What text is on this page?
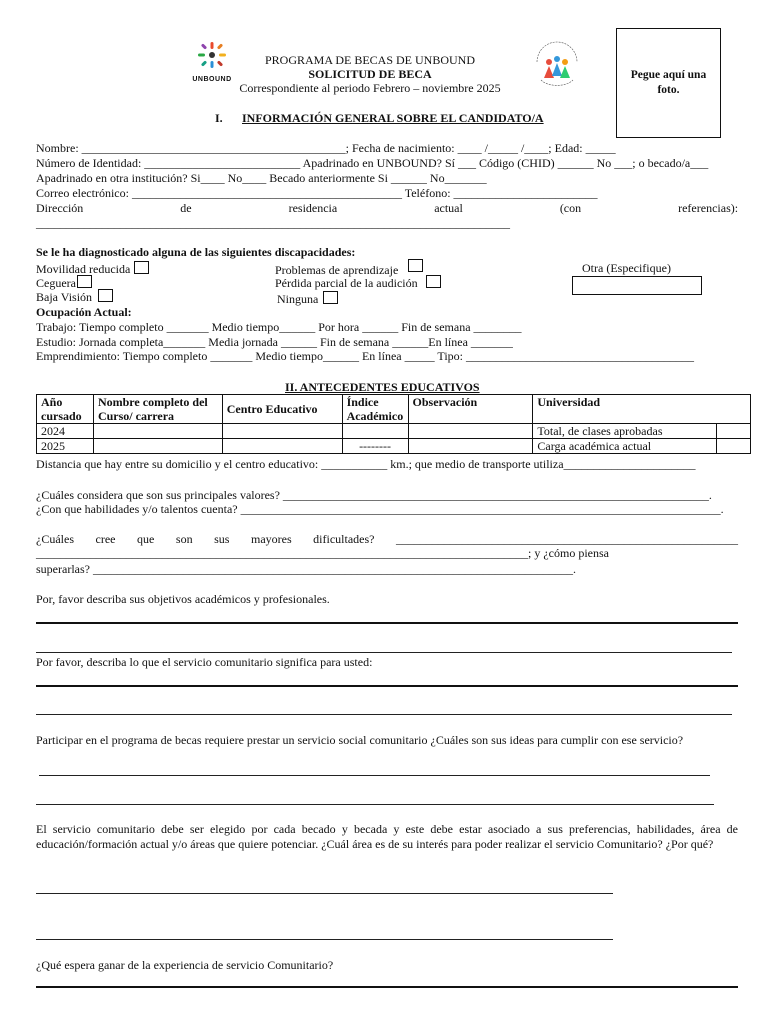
UNBOUND
PROGRAMA DE BECAS DE UNBOUND
SOLICITUD DE BECA
Correspondiente al periodo Febrero – noviembre 2025
Pegue aquí una foto.
I. INFORMACIÓN GENERAL SOBRE EL CANDIDATO/A
Nombre: ____________________________________________; Fecha de nacimiento: ____ /_____ /____; Edad: _____
Número de Identidad: __________________________ Apadrinado en UNBOUND? Sí ___ Código (CHID) ______ No ___; o becado/a___
Apadrinado en otra institución? Si____ No____ Becado anteriormente Si ______ No_______
Correo electrónico: _____________________________________________ Teléfono: ________________________
Dirección	de	residencia	actual	(con	referencias):
_______________________________________________________________________________
Se le ha diagnosticado alguna de las siguientes discapacidades:
Movilidad reducida
Ceguera
Baja Visión
Problemas de aprendizaje
Pérdida parcial de la audición
Ninguna
Otra (Especifique)
Ocupación Actual:
Trabajo: Tiempo completo _______ Medio tiempo______ Por hora ______ Fin de semana ________
Estudio: Jornada completa_______ Media jornada ______ Fin de semana ______En línea _______
Emprendimiento: Tiempo completo _______ Medio tiempo______ En línea _____ Tipo: ______________________________________
II. ANTECEDENTES EDUCATIVOS
Año cursado	Nombre completo del Curso/ carrera	Centro Educativo	Índice Académico	Observación	Universidad	
2024					Total, de clases aprobadas	
2025			--------		Carga académica actual	
Distancia que hay entre su domicilio y el centro educativo: ___________ km.; que medio de transporte utiliza______________________
¿Cuáles considera que son sus principales valores? _______________________________________________________________________.
¿Con que habilidades y/o talentos cuenta? ________________________________________________________________________________.
¿Cuáles cree que son sus mayores dificultades? _________________________________________________________
__________________________________________________________________________________; y ¿cómo piensa
superarlas? ________________________________________________________________________________.
Por, favor describa sus objetivos académicos y profesionales.
Por favor, describa lo que el servicio comunitario significa para usted:
Participar en el programa de becas requiere prestar un servicio social comunitario ¿Cuáles son sus ideas para cumplir con ese servicio?
El servicio comunitario debe ser elegido por cada becado y becada y este debe estar asociado a sus preferencias, habilidades, área de educación/formación actual y/o áreas que quiere potenciar. ¿Cuál área es de su interés para poder realizar el servicio Comunitario? ¿Por qué?
¿Qué espera ganar de la experiencia de servicio Comunitario?
